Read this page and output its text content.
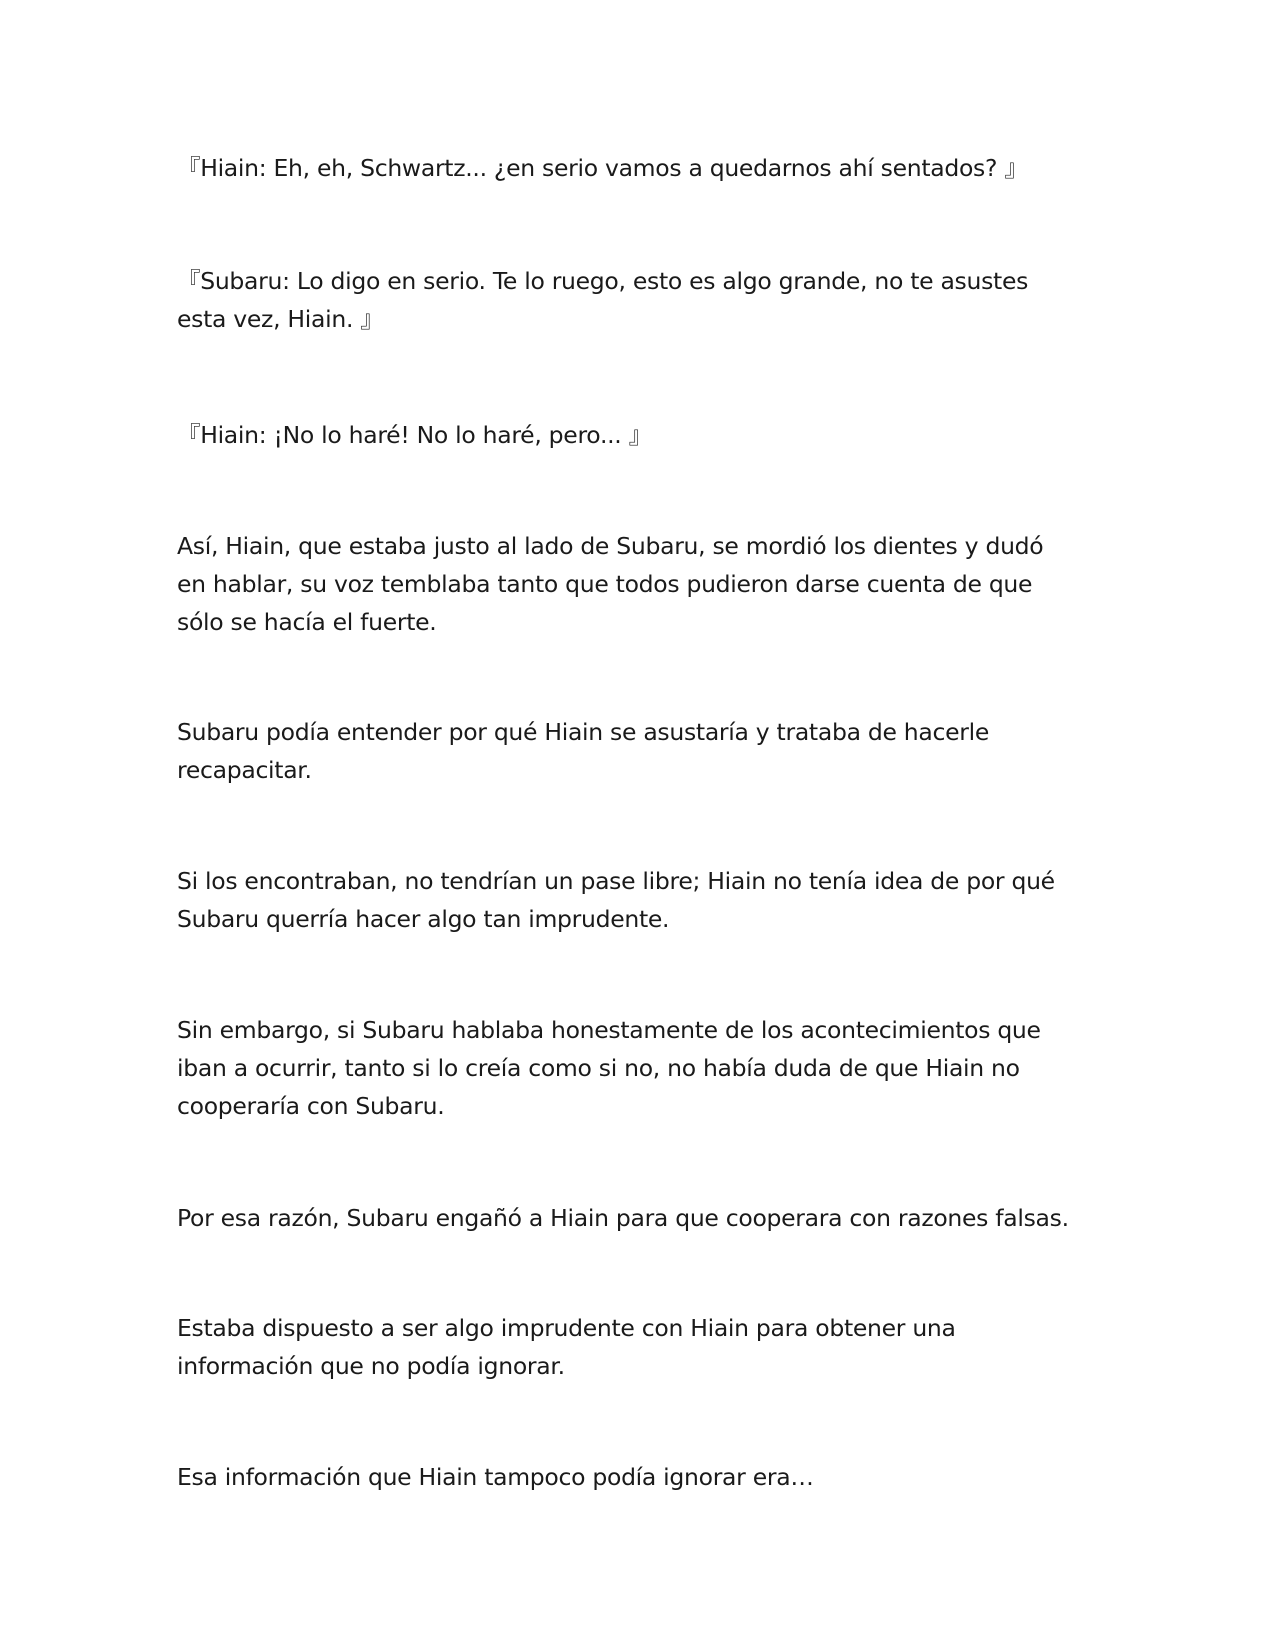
『Hiain: Eh, eh, Schwartz... ¿en serio vamos a quedarnos ahí sentados? 』

『Subaru: Lo digo en serio. Te lo ruego, esto es algo grande, no te asustes
esta vez, Hiain. 』

『Hiain: ¡No lo haré! No lo haré, pero... 』

Así, Hiain, que estaba justo al lado de Subaru, se mordió los dientes y dudó
en hablar, su voz temblaba tanto que todos pudieron darse cuenta de que
sólo se hacía el fuerte.

Subaru podía entender por qué Hiain se asustaría y trataba de hacerle
recapacitar.

Si los encontraban, no tendrían un pase libre; Hiain no tenía idea de por qué
Subaru querría hacer algo tan imprudente.

Sin embargo, si Subaru hablaba honestamente de los acontecimientos que
iban a ocurrir, tanto si lo creía como si no, no había duda de que Hiain no
cooperaría con Subaru.

Por esa razón, Subaru engañó a Hiain para que cooperara con razones falsas.

Estaba dispuesto a ser algo imprudente con Hiain para obtener una
información que no podía ignorar.

Esa información que Hiain tampoco podía ignorar era…
